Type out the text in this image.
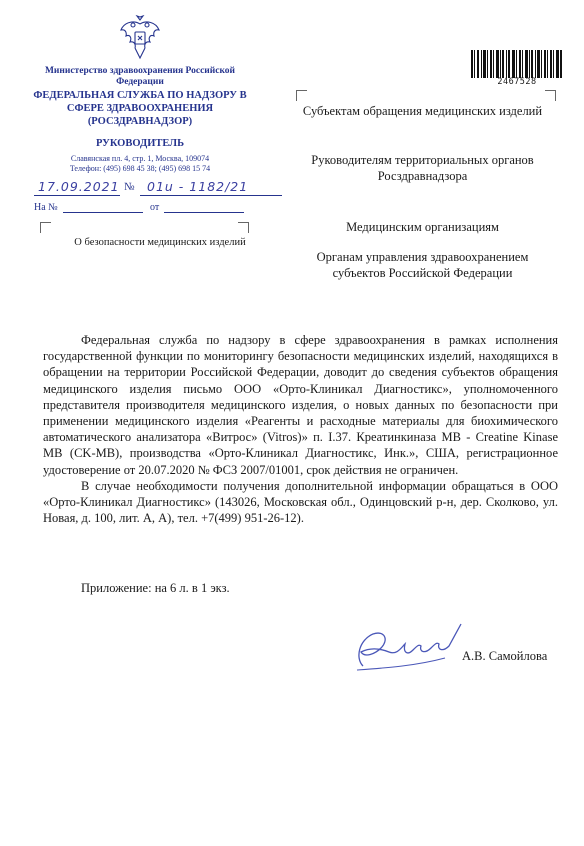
Министерство здравоохранения Российской Федерации
ФЕДЕРАЛЬНАЯ СЛУЖБА ПО НАДЗОРУ В СФЕРЕ ЗДРАВООХРАНЕНИЯ (РОСЗДРАВНАДЗОР)
РУКОВОДИТЕЛЬ
Славянская пл. 4, стр. 1, Москва, 109074
Телефон: (495) 698 45 38; (495) 698 15 74
17.09.2021 № 01u - 1182/21
На №	от
О безопасности медицинских изделий
2467528
Субъектам обращения медицинских изделий
Руководителям территориальных органов Росздравнадзора
Медицинским организациям
Органам управления здравоохранением субъектов Российской Федерации

Федеральная служба по надзору в сфере здравоохранения в рамках исполнения государственной функции по мониторингу безопасности медицинских изделий, находящихся в обращении на территории Российской Федерации, доводит до сведения субъектов обращения медицинского изделия письмо ООО «Орто-Клиникал Диагностикс», уполномоченного представителя производителя медицинского изделия, о новых данных по безопасности при применении медицинского изделия «Реагенты и расходные материалы для биохимического автоматического анализатора «Витрос» (Vitros)» п. I.37. Креатинкиназа МВ - Creatine Kinase MB (CK-MB), производства «Орто-Клиникал Диагностикс, Инк.», США, регистрационное удостоверение от 20.07.2020 № ФСЗ 2007/01001, срок действия не ограничен.

В случае необходимости получения дополнительной информации обращаться в ООО «Орто-Клиникал Диагностикс» (143026, Московская обл., Одинцовский р-н, дер. Сколково, ул. Новая, д. 100, лит. А, А), тел. +7(499) 951-26-12).

Приложение: на 6 л. в 1 экз.
А.В. Самойлова
